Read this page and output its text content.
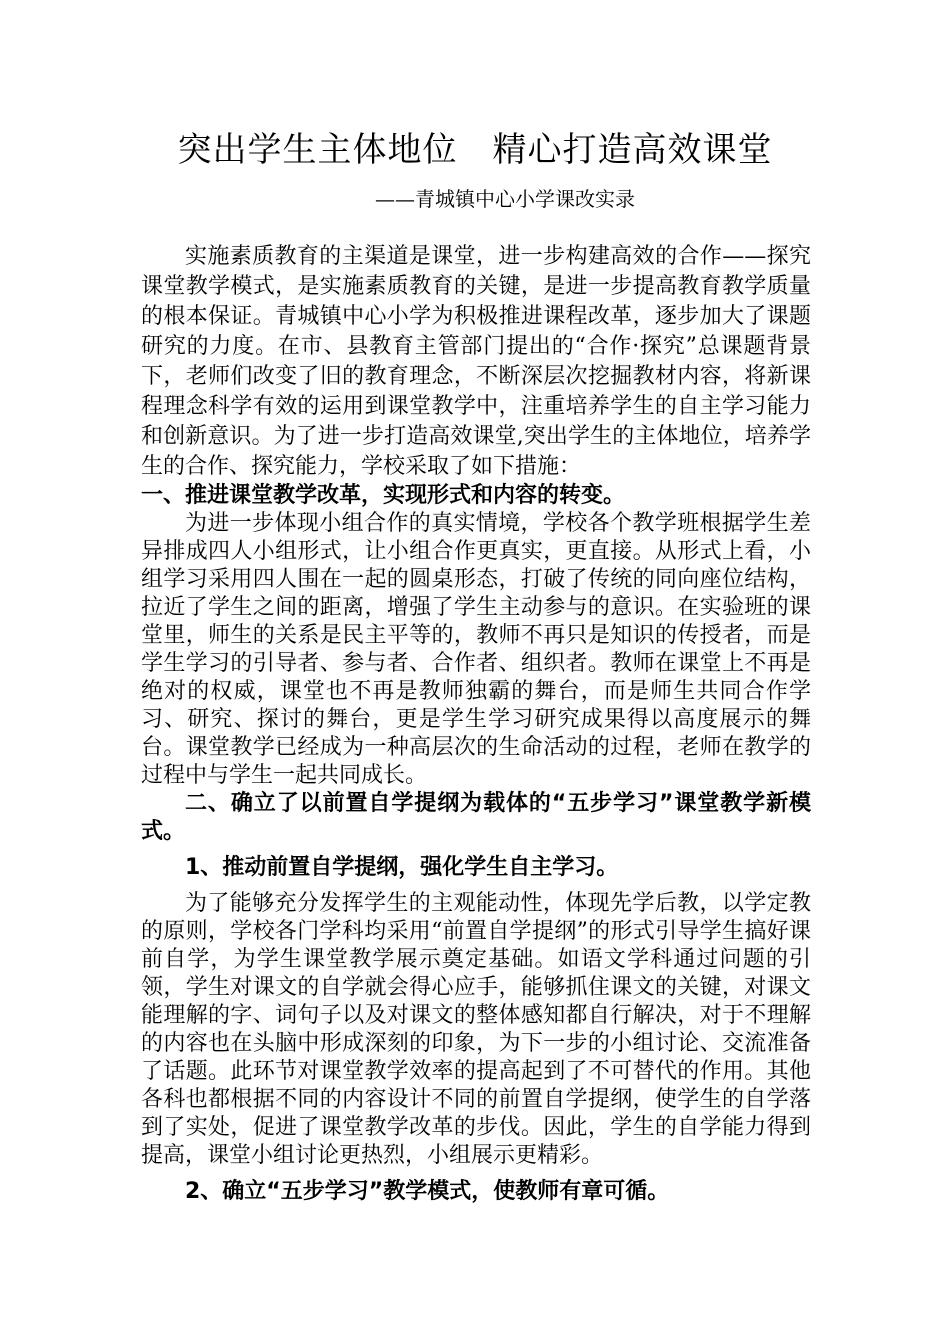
突出学生主体地位　精心打造高效课堂

——青城镇中心小学课改实录

实施素质教育的主渠道是课堂，进一步构建高效的合作——探究课堂教学模式，是实施素质教育的关键，是进一步提高教育教学质量的根本保证。青城镇中心小学为积极推进课程改革，逐步加大了课题研究的力度。在市、县教育主管部门提出的“合作·探究”总课题背景下，老师们改变了旧的教育理念，不断深层次挖掘教材内容，将新课程理念科学有效的运用到课堂教学中，注重培养学生的自主学习能力和创新意识。为了进一步打造高效课堂,突出学生的主体地位，培养学生的合作、探究能力，学校采取了如下措施：

一、推进课堂教学改革，实现形式和内容的转变。

为进一步体现小组合作的真实情境，学校各个教学班根据学生差异排成四人小组形式，让小组合作更真实，更直接。从形式上看，小组学习采用四人围在一起的圆桌形态，打破了传统的同向座位结构，拉近了学生之间的距离，增强了学生主动参与的意识。在实验班的课堂里，师生的关系是民主平等的，教师不再只是知识的传授者，而是学生学习的引导者、参与者、合作者、组织者。教师在课堂上不再是绝对的权威，课堂也不再是教师独霸的舞台，而是师生共同合作学习、研究、探讨的舞台，更是学生学习研究成果得以高度展示的舞台。课堂教学已经成为一种高层次的生命活动的过程，老师在教学的过程中与学生一起共同成长。

二、确立了以前置自学提纲为载体的“五步学习”课堂教学新模式。

1、推动前置自学提纲，强化学生自主学习。

为了能够充分发挥学生的主观能动性，体现先学后教，以学定教的原则，学校各门学科均采用“前置自学提纲”的形式引导学生搞好课前自学，为学生课堂教学展示奠定基础。如语文学科通过问题的引领，学生对课文的自学就会得心应手，能够抓住课文的关键，对课文能理解的字、词句子以及对课文的整体感知都自行解决，对于不理解的内容也在头脑中形成深刻的印象，为下一步的小组讨论、交流准备了话题。此环节对课堂教学效率的提高起到了不可替代的作用。其他各科也都根据不同的内容设计不同的前置自学提纲，使学生的自学落到了实处，促进了课堂教学改革的步伐。因此，学生的自学能力得到提高，课堂小组讨论更热烈，小组展示更精彩。

2、确立“五步学习”教学模式，使教师有章可循。
